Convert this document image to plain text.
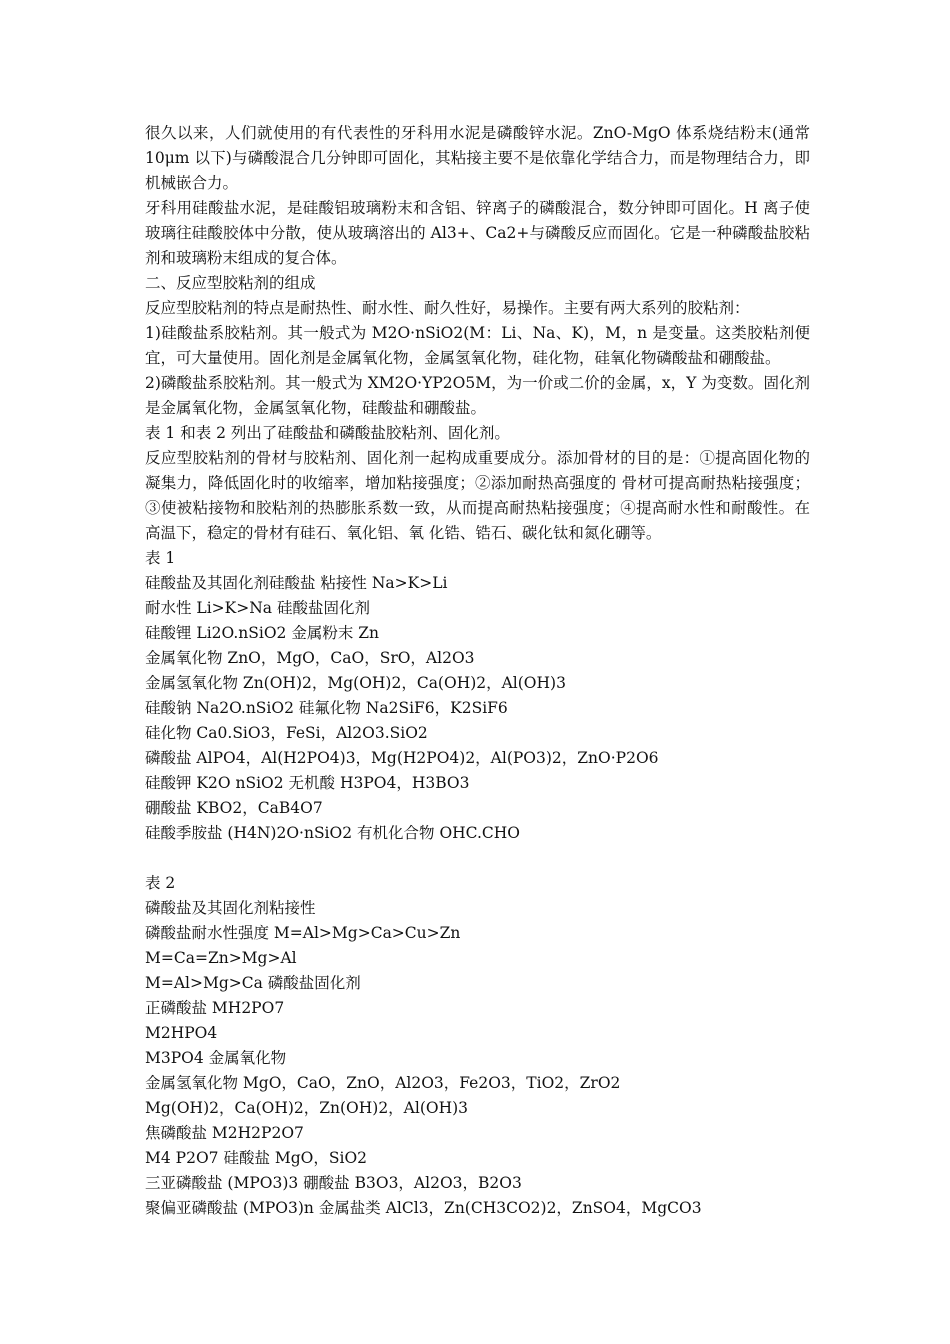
很久以来，人们就使用的有代表性的牙科用水泥是磷酸锌水泥。ZnO-MgO 体系烧结粉末(通常 10μm 以下)与磷酸混合几分钟即可固化，其粘接主要不是依靠化学结合力，而是物理结合力，即机械嵌合力。

牙科用硅酸盐水泥，是硅酸铝玻璃粉末和含铝、锌离子的磷酸混合，数分钟即可固化。H 离子使玻璃往硅酸胶体中分散，使从玻璃溶出的 Al3+、Ca2+与磷酸反应而固化。它是一种磷酸盐胶粘剂和玻璃粉末组成的复合体。

二、反应型胶粘剂的组成

反应型胶粘剂的特点是耐热性、耐水性、耐久性好，易操作。主要有两大系列的胶粘剂：

1)硅酸盐系胶粘剂。其一般式为 M2O·nSiO2(M：Li、Na、K)，M，n 是变量。这类胶粘剂便宜，可大量使用。固化剂是金属氧化物，金属氢氧化物，硅化物，硅氧化物磷酸盐和硼酸盐。

2)磷酸盐系胶粘剂。其一般式为 XM2O·YP2O5M，为一价或二价的金属，x，Y 为变数。固化剂是金属氧化物，金属氢氧化物，硅酸盐和硼酸盐。

表 1 和表 2 列出了硅酸盐和磷酸盐胶粘剂、固化剂。

反应型胶粘剂的骨材与胶粘剂、固化剂一起构成重要成分。添加骨材的目的是：①提高固化物的凝集力，降低固化时的收缩率，增加粘接强度；②添加耐热高强度的 骨材可提高耐热粘接强度；③使被粘接物和胶粘剂的热膨胀系数一致，从而提高耐热粘接强度；④提高耐水性和耐酸性。在高温下，稳定的骨材有硅石、氧化铝、氧 化锆、锆石、碳化钛和氮化硼等。

表 1

硅酸盐及其固化剂硅酸盐 粘接性 Na>K>Li

耐水性 Li>K>Na 硅酸盐固化剂

硅酸锂 Li2O.nSiO2 金属粉末 Zn

金属氧化物 ZnO，MgO，CaO，SrO，Al2O3

金属氢氧化物 Zn(OH)2，Mg(OH)2，Ca(OH)2，Al(OH)3

硅酸钠 Na2O.nSiO2 硅氟化物 Na2SiF6，K2SiF6

硅化物 Ca0.SiO3，FeSi，Al2O3.SiO2

磷酸盐 AlPO4，Al(H2PO4)3，Mg(H2PO4)2，Al(PO3)2，ZnO·P2O6

硅酸钾 K2O nSiO2 无机酸 H3PO4，H3BO3

硼酸盐 KBO2，CaB4O7

硅酸季胺盐 (H4N)2O·nSiO2 有机化合物 OHC.CHO

表 2

磷酸盐及其固化剂粘接性

磷酸盐耐水性强度 M=Al>Mg>Ca>Cu>Zn

M=Ca=Zn>Mg>Al

M=Al>Mg>Ca 磷酸盐固化剂

正磷酸盐 MH2PO7

M2HPO4

M3PO4 金属氧化物

金属氢氧化物 MgO，CaO，ZnO，Al2O3，Fe2O3，TiO2，ZrO2

Mg(OH)2，Ca(OH)2，Zn(OH)2，Al(OH)3

焦磷酸盐 M2H2P2O7

M4 P2O7 硅酸盐 MgO，SiO2

三亚磷酸盐 (MPO3)3 硼酸盐 B3O3，Al2O3，B2O3

聚偏亚磷酸盐 (MPO3)n 金属盐类 AlCl3，Zn(CH3CO2)2，ZnSO4，MgCO3
